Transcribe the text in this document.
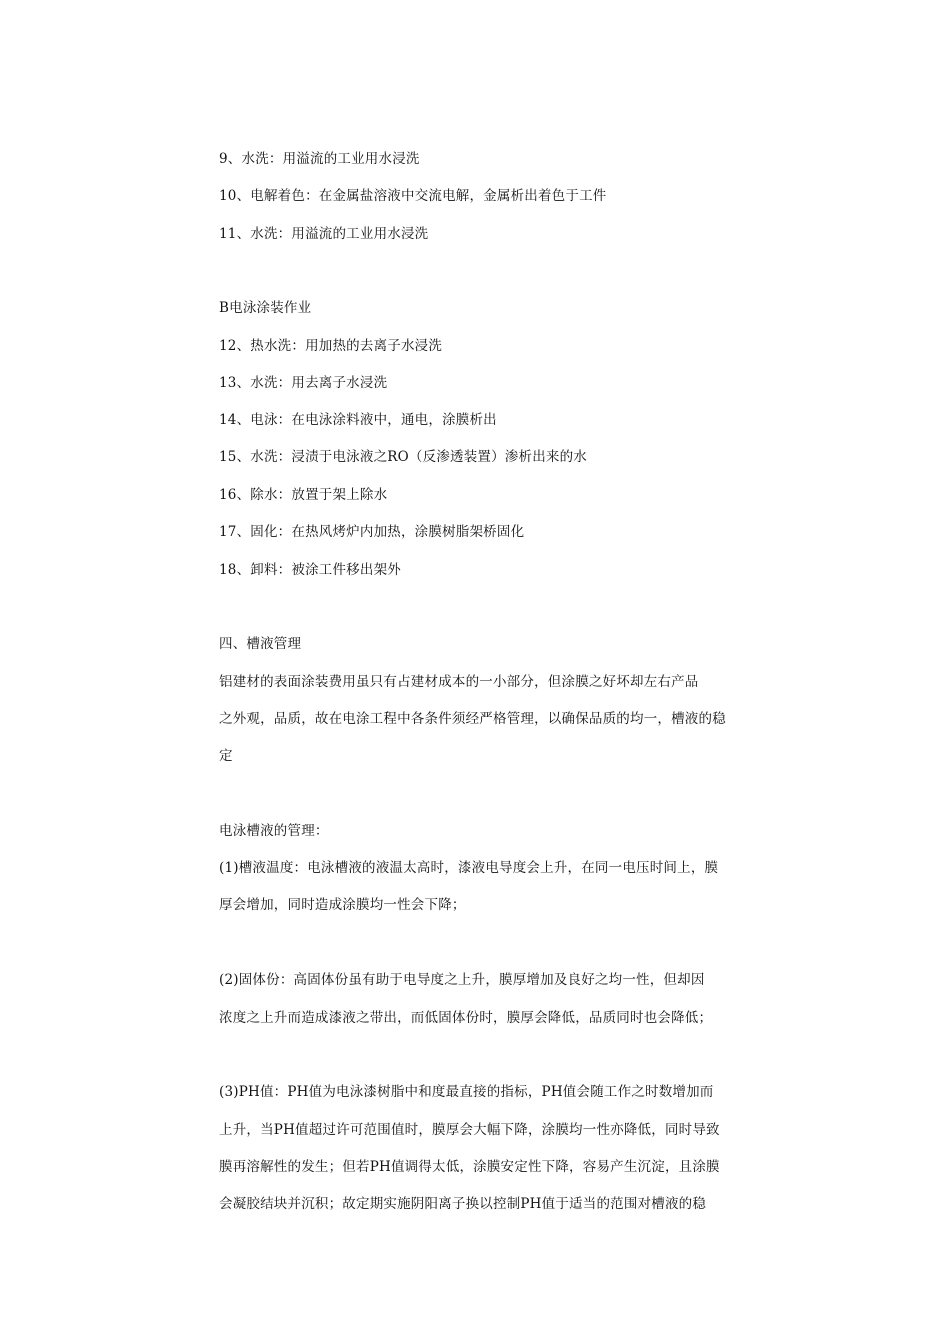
9、水洗：用溢流的工业用水浸洗
10、电解着色：在金属盐溶液中交流电解，金属析出着色于工件
11、水洗：用溢流的工业用水浸洗
B电泳涂装作业
12、热水洗：用加热的去离子水浸洗
13、水洗：用去离子水浸洗
14、电泳：在电泳涂料液中，通电，涂膜析出
15、水洗：浸渍于电泳液之RO（反渗透装置）渗析出来的水
16、除水：放置于架上除水
17、固化：在热风烤炉内加热，涂膜树脂架桥固化
18、卸料：被涂工件移出架外
四、槽液管理
铝建材的表面涂装费用虽只有占建材成本的一小部分，但涂膜之好坏却左右产品
之外观，品质，故在电涂工程中各条件须经严格管理，以确保品质的均一，槽液的稳
定
电泳槽液的管理：
(1)槽液温度：电泳槽液的液温太高时，漆液电导度会上升，在同一电压时间上，膜
厚会增加，同时造成涂膜均一性会下降；
(2)固体份：高固体份虽有助于电导度之上升，膜厚增加及良好之均一性，但却因
浓度之上升而造成漆液之带出，而低固体份时，膜厚会降低，品质同时也会降低；
(3)PH值：PH值为电泳漆树脂中和度最直接的指标，PH值会随工作之时数增加而
上升，当PH值超过许可范围值时，膜厚会大幅下降，涂膜均一性亦降低，同时导致
膜再溶解性的发生；但若PH值调得太低，涂膜安定性下降，容易产生沉淀，且涂膜
会凝胶结块并沉积；故定期实施阴阳离子换以控制PH值于适当的范围对槽液的稳
